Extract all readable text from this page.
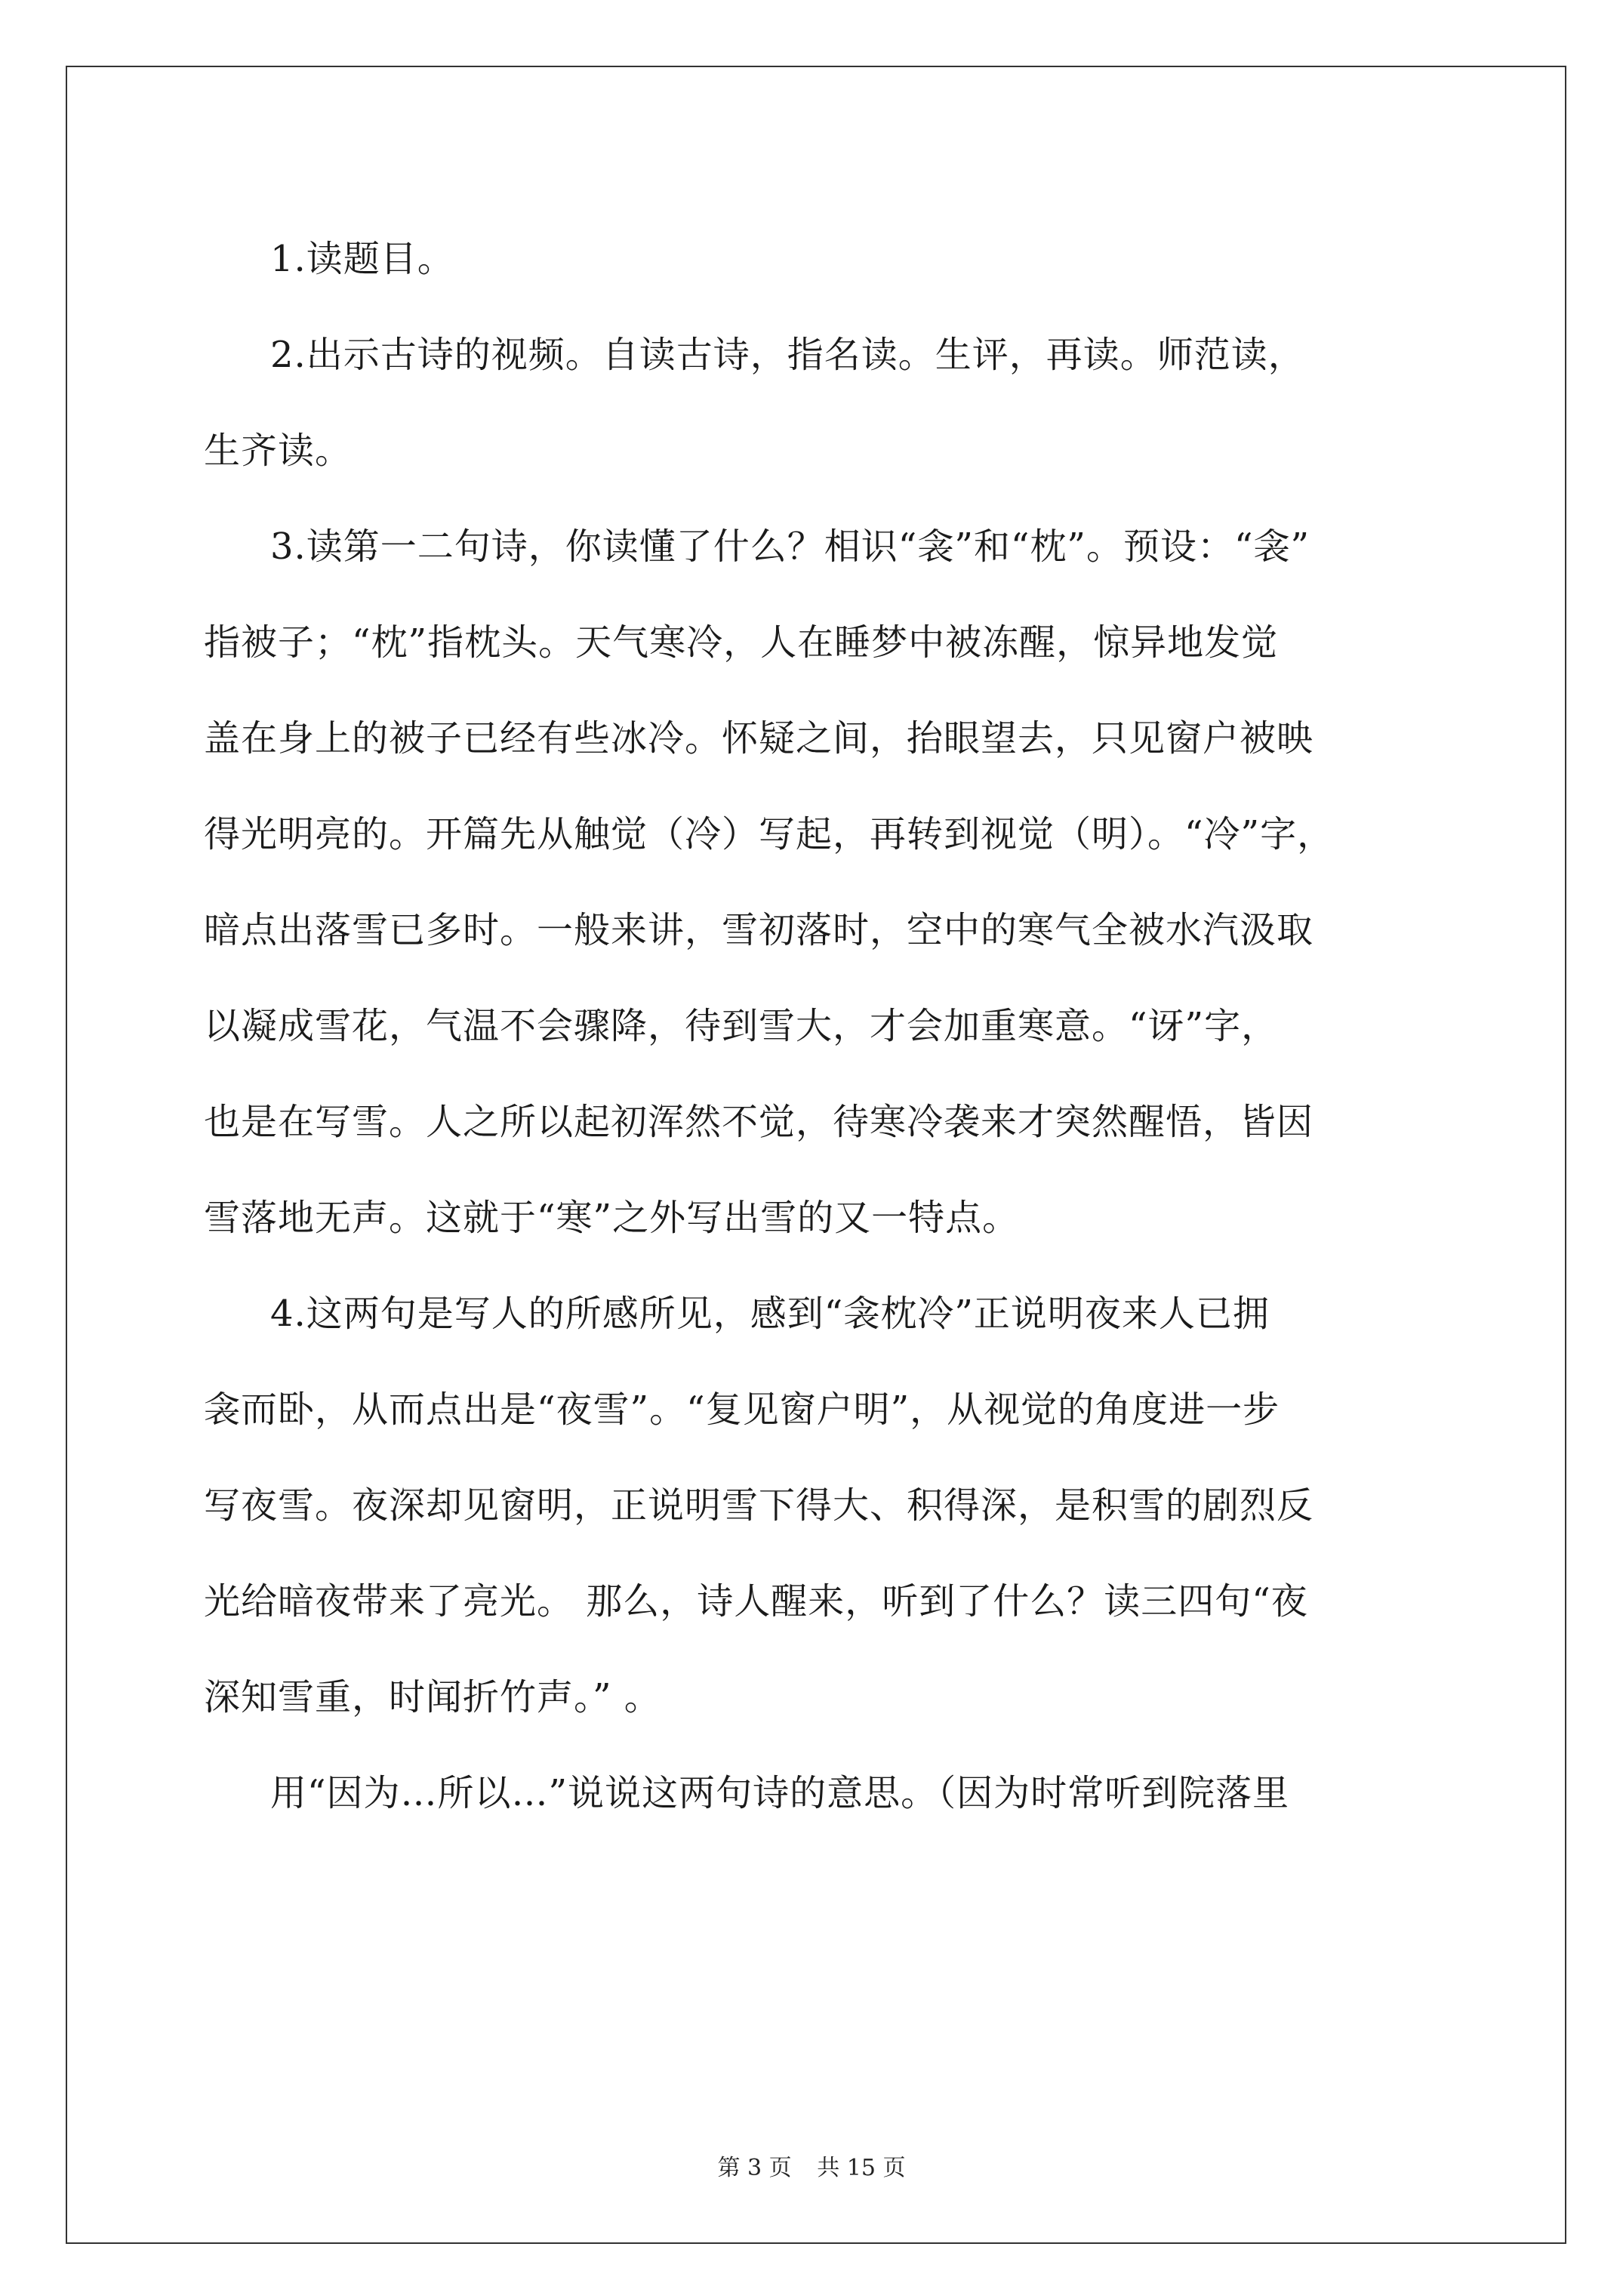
1.读题目。
2.出示古诗的视频。自读古诗，指名读。生评，再读。师范读，
生齐读。
3.读第一二句诗，你读懂了什么？相识“衾”和“枕”。预设：“衾”
指被子；“枕”指枕头。天气寒冷，人在睡梦中被冻醒，惊异地发觉
盖在身上的被子已经有些冰冷。怀疑之间，抬眼望去，只见窗户被映
得光明亮的。开篇先从触觉（冷）写起，再转到视觉（明）。“冷”字，
暗点出落雪已多时。一般来讲，雪初落时，空中的寒气全被水汽汲取
以凝成雪花，气温不会骤降，待到雪大，才会加重寒意。“讶”字，
也是在写雪。人之所以起初浑然不觉，待寒冷袭来才突然醒悟，皆因
雪落地无声。这就于“寒”之外写出雪的又一特点。
4.这两句是写人的所感所见，感到“衾枕冷”正说明夜来人已拥
衾而卧，从而点出是“夜雪”。“复见窗户明”，从视觉的角度进一步
写夜雪。夜深却见窗明，正说明雪下得大、积得深，是积雪的剧烈反
光给暗夜带来了亮光。 那么，诗人醒来，听到了什么？读三四句“夜
深知雪重，时闻折竹声。” 。
用“因为…所以…”说说这两句诗的意思。（因为时常听到院落里
第 3 页 共 15 页
